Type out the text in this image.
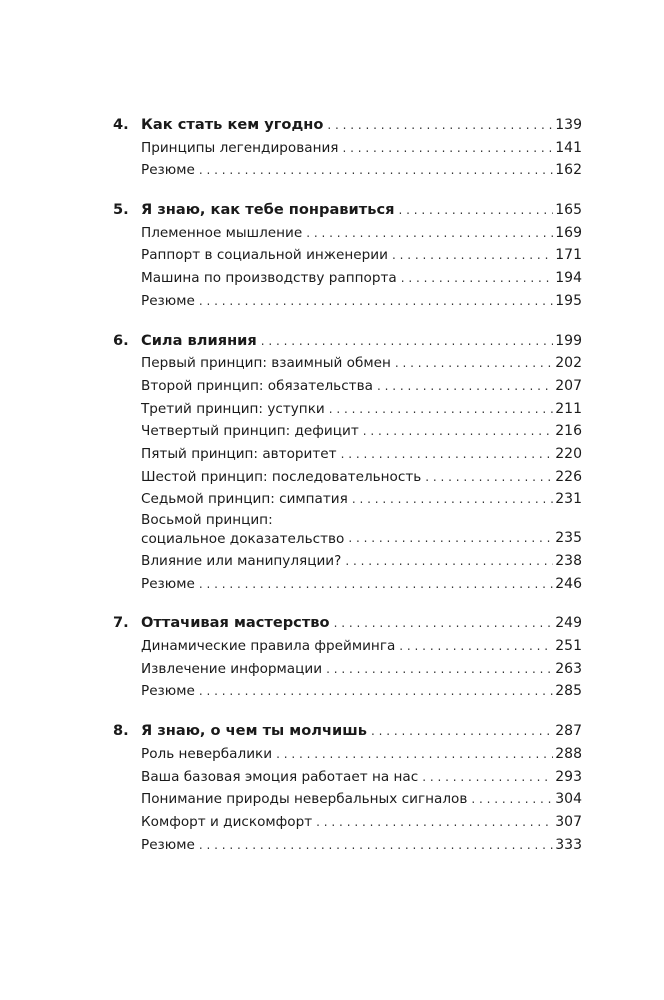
4. Как стать кем угодно . . .	139
Принципы легендирования . . .	141
Резюме . . .	162
5. Я знаю, как тебе понравиться . . .	165
Племенное мышление . . .	169
Раппорт в социальной инженерии . . .	171
Машина по производству раппорта . . .	194
Резюме . . .	195
6. Сила влияния . . .	199
Первый принцип: взаимный обмен . . .	202
Второй принцип: обязательства . . .	207
Третий принцип: уступки . . .	211
Четвертый принцип: дефицит . . .	216
Пятый принцип: авторитет . . .	220
Шестой принцип: последовательность . . .	226
Седьмой принцип: симпатия . . .	231
Восьмой принцип:
социальное доказательство . . .	235
Влияние или манипуляции? . . .	238
Резюме . . .	246
7. Оттачивая мастерство . . .	249
Динамические правила фрейминга . . .	251
Извлечение информации . . .	263
Резюме . . .	285
8. Я знаю, о чем ты молчишь . . .	287
Роль невербалики . . .	288
Ваша базовая эмоция работает на нас . . .	293
Понимание природы невербальных сигналов . . .	304
Комфорт и дискомфорт . . .	307
Резюме . . .	333
